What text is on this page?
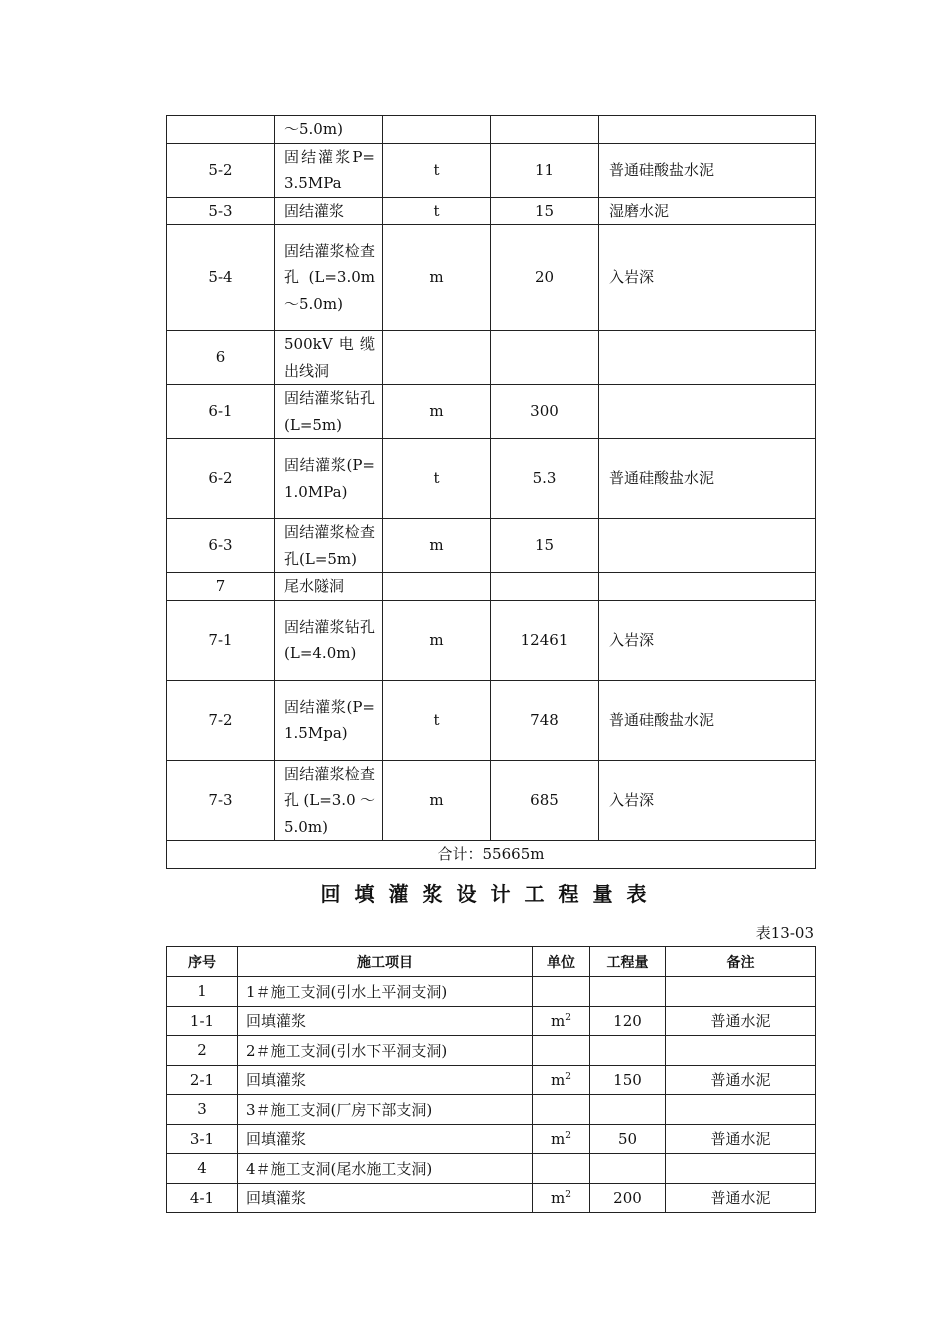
	～5.0m)			
5-2	固结灌浆P=3.5MPa	t	11	普通硅酸盐水泥
5-3	固结灌浆	t	15	湿磨水泥
5-4	固结灌浆检查孔(L=3.0m～5.0m)	m	20	入岩深
6	500kV电缆出线洞			
6-1	固结灌浆钻孔(L=5m)	m	300	
6-2	固结灌浆(P=1.0MPa)	t	5.3	普通硅酸盐水泥
6-3	固结灌浆检查孔(L=5m)	m	15	
7	尾水隧洞			
7-1	固结灌浆钻孔(L=4.0m)	m	12461	入岩深
7-2	固结灌浆(P=1.5Mpa)	t	748	普通硅酸盐水泥
7-3	固结灌浆检查孔(L=3.0～5.0m)	m	685	入岩深
合计：55665m				
回填灌浆设计工程量表
表13-03
序号	施工项目	单位	工程量	备注
1	1＃施工支洞(引水上平洞支洞)			
1-1	回填灌浆	$m^2$	120	普通水泥
2	2＃施工支洞(引水下平洞支洞)			
2-1	回填灌浆	$m^2$	150	普通水泥
3	3＃施工支洞(厂房下部支洞)			
3-1	回填灌浆	$m^2$	50	普通水泥
4	4＃施工支洞(尾水施工支洞)			
4-1	回填灌浆	$m^2$	200	普通水泥
